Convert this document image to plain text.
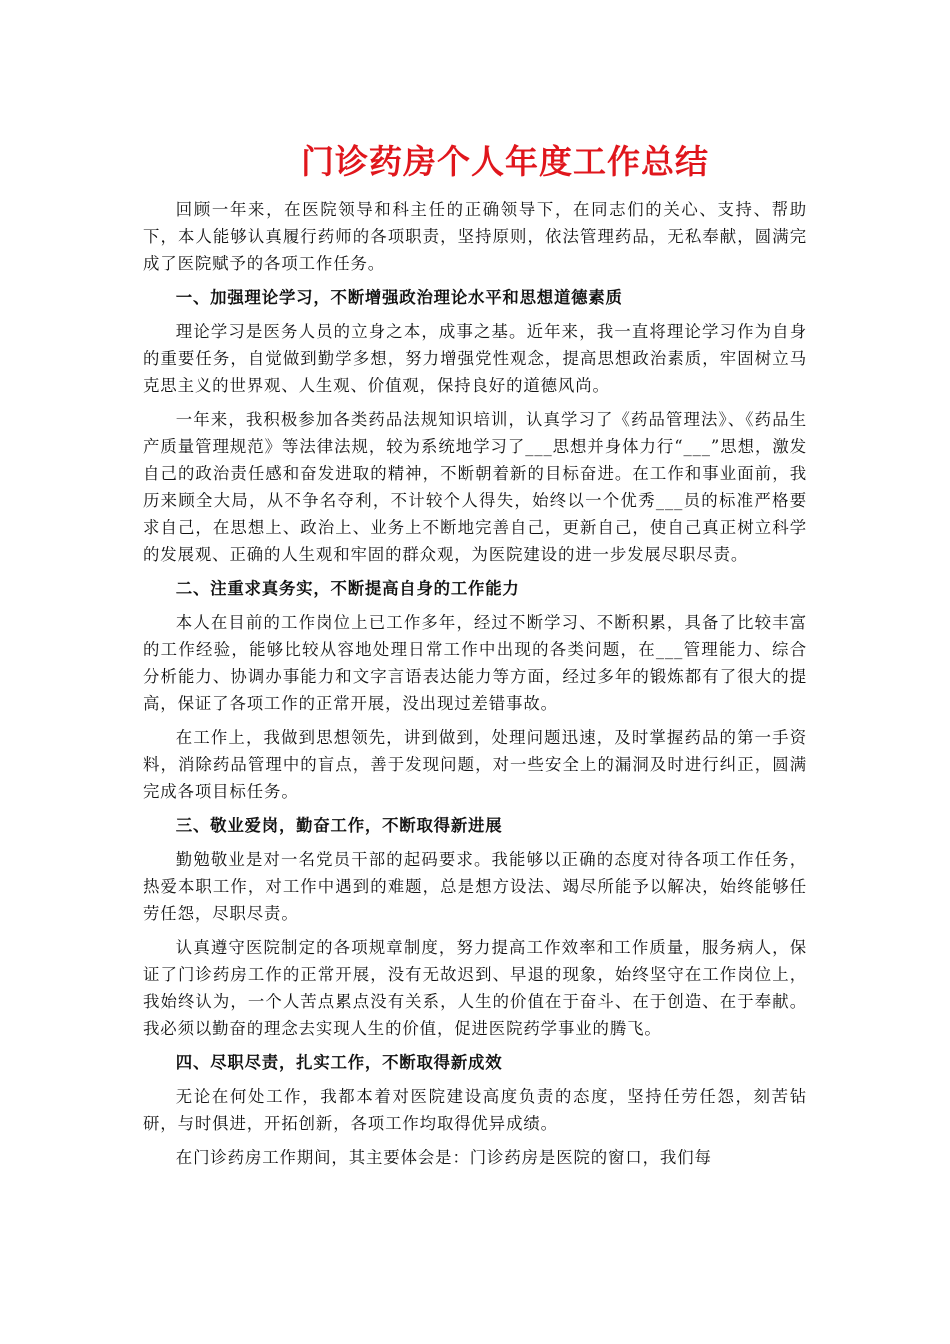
门诊药房个人年度工作总结

回顾一年来，在医院领导和科主任的正确领导下，在同志们的关心、支持、帮助下，本人能够认真履行药师的各项职责，坚持原则，依法管理药品，无私奉献，圆满完成了医院赋予的各项工作任务。

一、加强理论学习，不断增强政治理论水平和思想道德素质

理论学习是医务人员的立身之本，成事之基。近年来，我一直将理论学习作为自身的重要任务，自觉做到勤学多想，努力增强党性观念，提高思想政治素质，牢固树立马克思主义的世界观、人生观、价值观，保持良好的道德风尚。

一年来，我积极参加各类药品法规知识培训，认真学习了《药品管理法》、《药品生产质量管理规范》等法律法规，较为系统地学习了___思想并身体力行“___”思想，激发自己的政治责任感和奋发进取的精神，不断朝着新的目标奋进。在工作和事业面前，我历来顾全大局，从不争名夺利，不计较个人得失，始终以一个优秀___员的标准严格要求自己，在思想上、政治上、业务上不断地完善自己，更新自己，使自己真正树立科学的发展观、正确的人生观和牢固的群众观，为医院建设的进一步发展尽职尽责。

二、注重求真务实，不断提高自身的工作能力

本人在目前的工作岗位上已工作多年，经过不断学习、不断积累，具备了比较丰富的工作经验，能够比较从容地处理日常工作中出现的各类问题，在___管理能力、综合分析能力、协调办事能力和文字言语表达能力等方面，经过多年的锻炼都有了很大的提高，保证了各项工作的正常开展，没出现过差错事故。

在工作上，我做到思想领先，讲到做到，处理问题迅速，及时掌握药品的第一手资料，消除药品管理中的盲点，善于发现问题，对一些安全上的漏洞及时进行纠正，圆满完成各项目标任务。

三、敬业爱岗，勤奋工作，不断取得新进展

勤勉敬业是对一名党员干部的起码要求。我能够以正确的态度对待各项工作任务，热爱本职工作，对工作中遇到的难题，总是想方设法、竭尽所能予以解决，始终能够任劳任怨，尽职尽责。

认真遵守医院制定的各项规章制度，努力提高工作效率和工作质量，服务病人，保证了门诊药房工作的正常开展，没有无故迟到、早退的现象，始终坚守在工作岗位上，我始终认为，一个人苦点累点没有关系，人生的价值在于奋斗、在于创造、在于奉献。我必须以勤奋的理念去实现人生的价值，促进医院药学事业的腾飞。

四、尽职尽责，扎实工作，不断取得新成效

无论在何处工作，我都本着对医院建设高度负责的态度，坚持任劳任怨，刻苦钻研，与时俱进，开拓创新，各项工作均取得优异成绩。

在门诊药房工作期间，其主要体会是：门诊药房是医院的窗口，我们每
